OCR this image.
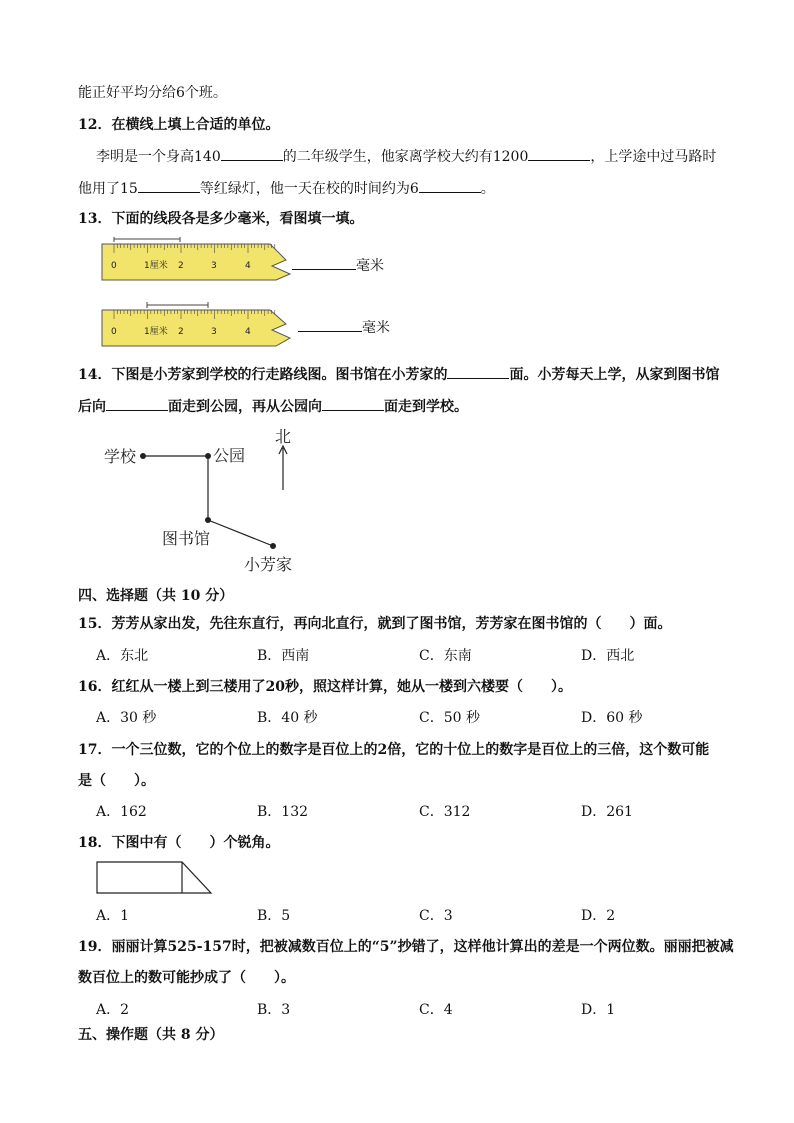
能正好平均分给6个班。
12．在横线上填上合适的单位。
李明是一个身高140	的二年级学生，他家离学校大约有1200	，上学途中过马路时
他用了15	等红绿灯，他一天在校的时间约为6	。
13．下面的线段各是多少毫米，看图填一填。
0	1厘米 2	3	4	毫米
0	1厘米 2	3	4	毫米
14．下图是小芳家到学校的行走路线图。图书馆在小芳家的	面。小芳每天上学，从家到图书馆
后向	面走到公园，再从公园向	面走到学校。
学校	公园
图书馆
小芳家
北
四、选择题（共 10 分）
15．芳芳从家出发，先往东直行，再向北直行，就到了图书馆，芳芳家在图书馆的（　　）面。
A．东北	B．西南	C．东南	D．西北
16．红红从一楼上到三楼用了20秒，照这样计算，她从一楼到六楼要（　　）。
A．30 秒	B．40 秒	C．50 秒	D．60 秒
17．一个三位数，它的个位上的数字是百位上的2倍，它的十位上的数字是百位上的三倍，这个数可能
是（　　）。
A．162	B．132	C．312	D．261
18．下图中有（　　）个锐角。
A．1	B．5	C．3	D．2
19．丽丽计算525-157时，把被减数百位上的“5”抄错了，这样他计算出的差是一个两位数。丽丽把被减
数百位上的数可能抄成了（　　）。
A．2	B．3	C．4	D．1
五、操作题（共 8 分）
